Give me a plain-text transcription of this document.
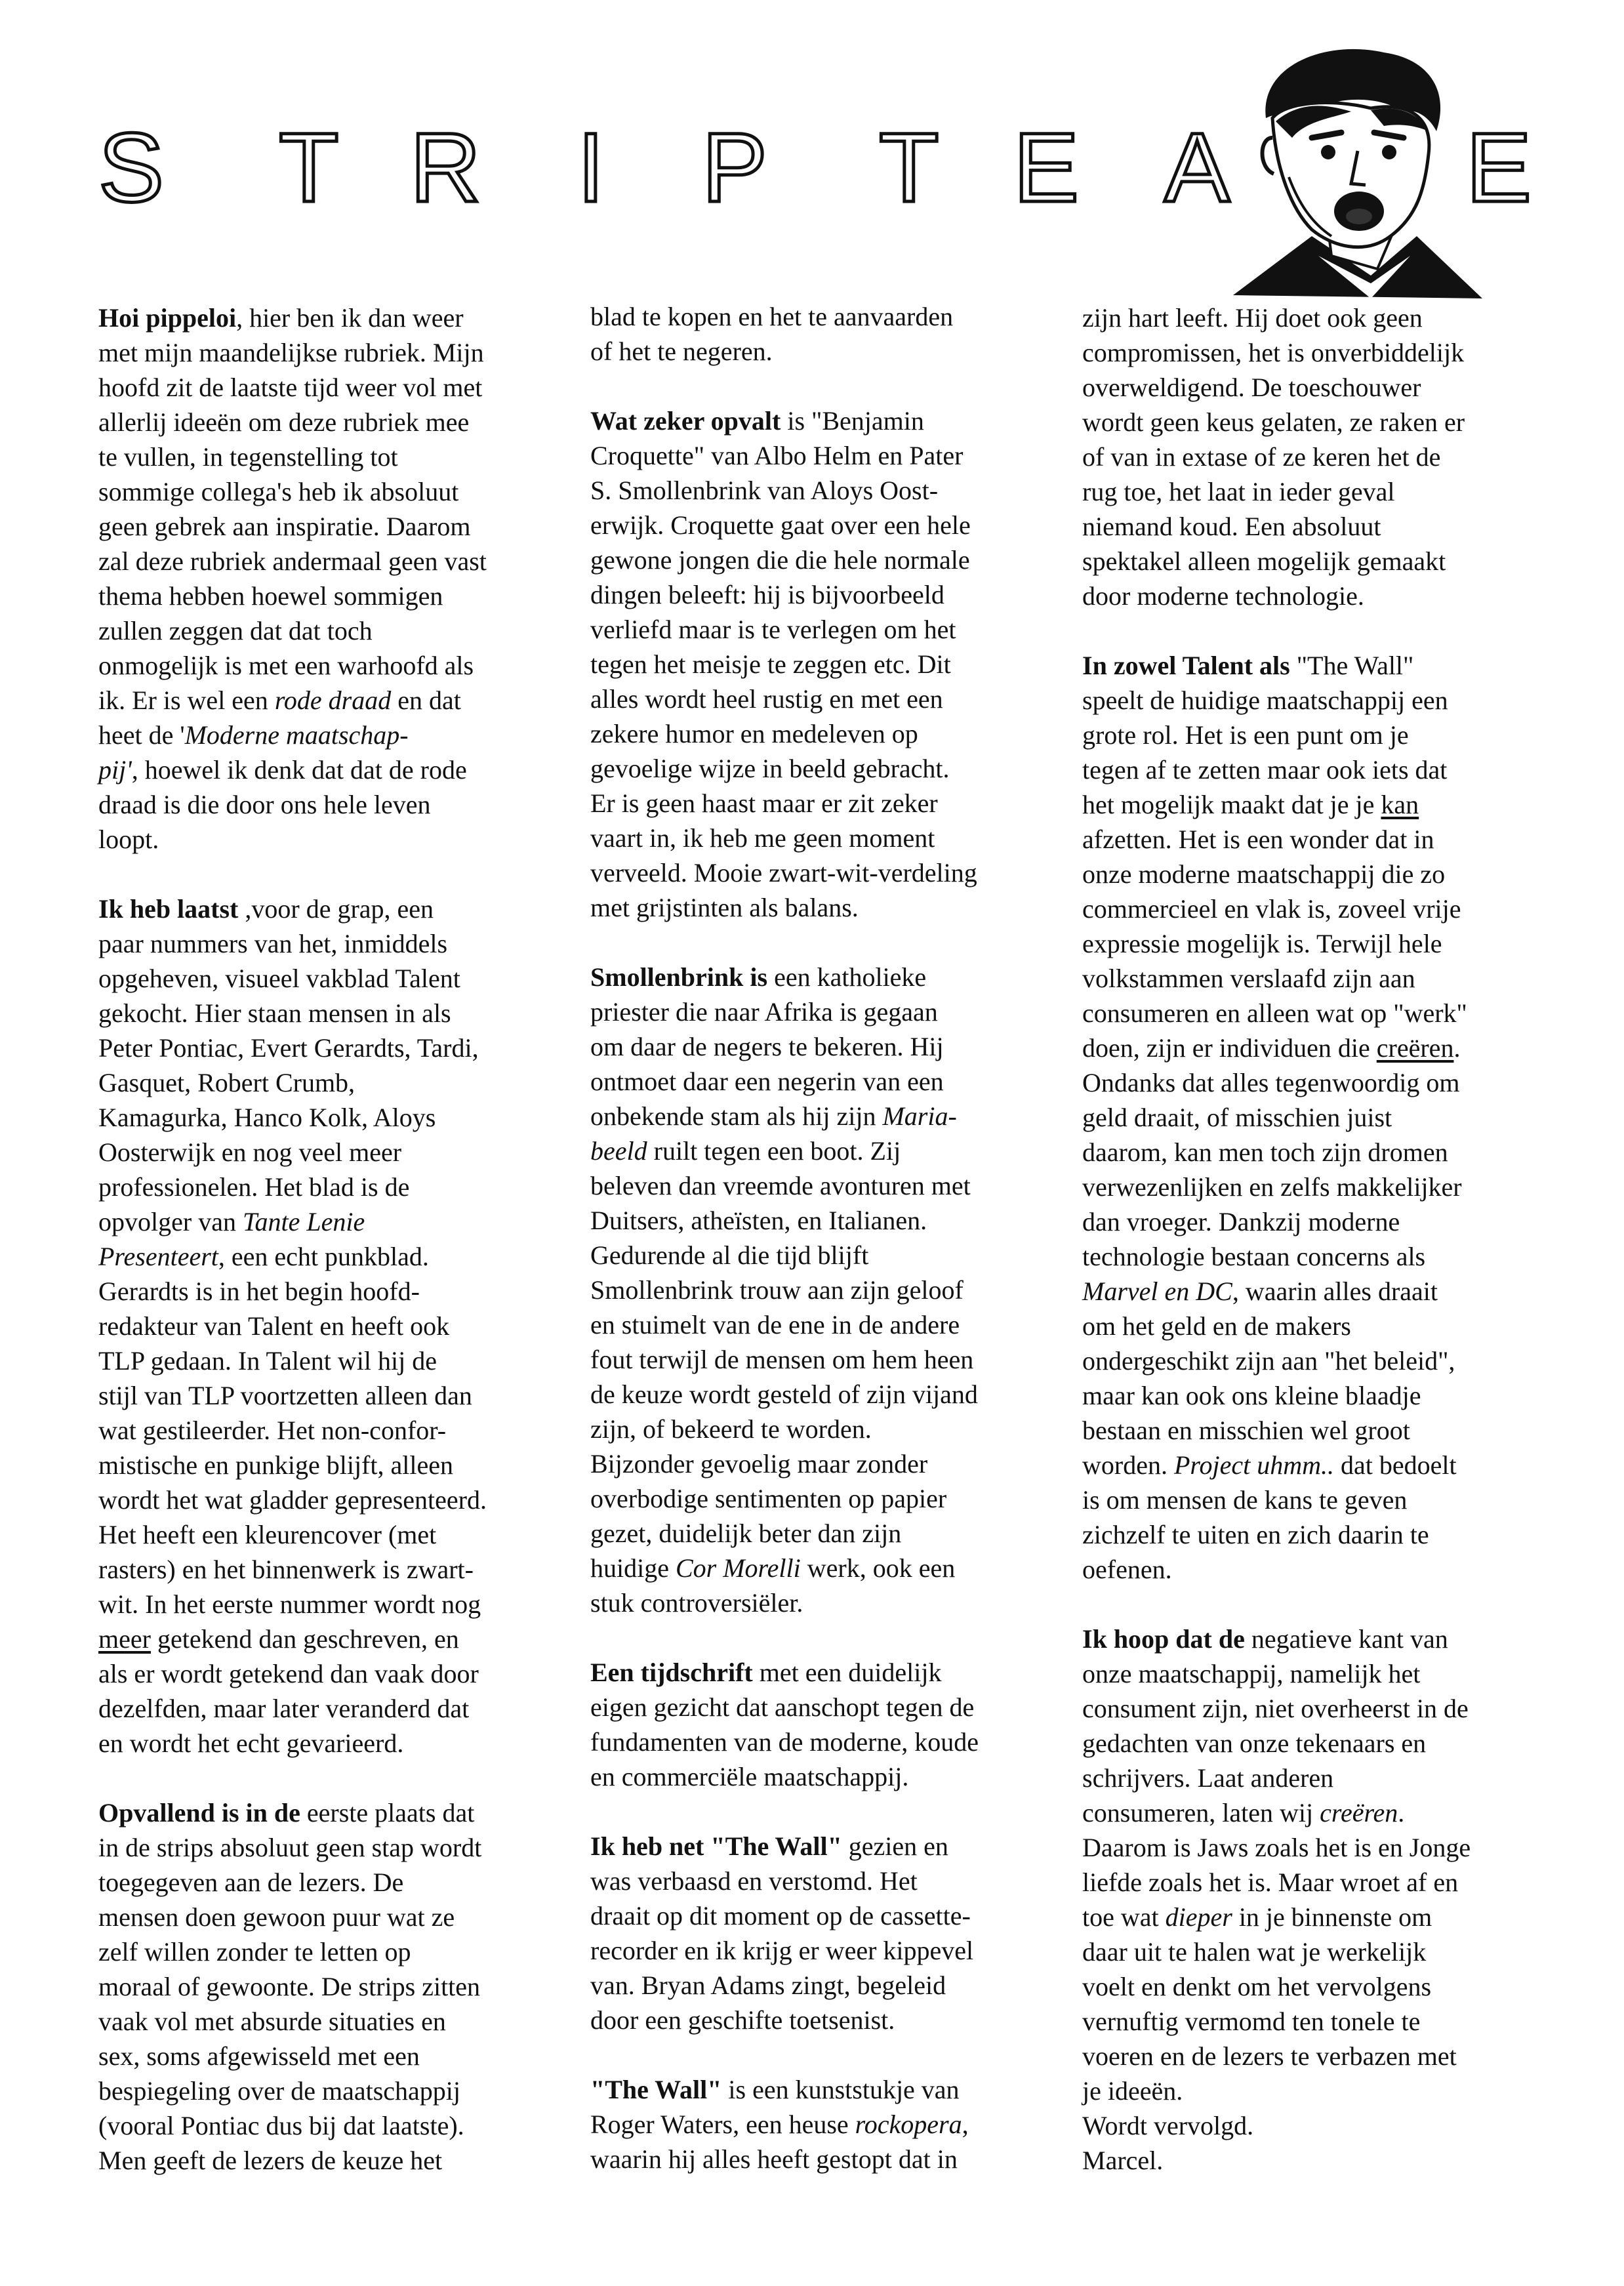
S T R I P T E A E

Hoi pippeloi, hier ben ik dan weer
met mijn maandelijkse rubriek. Mijn
hoofd zit de laatste tijd weer vol met
allerlij ideeën om deze rubriek mee
te vullen, in tegenstelling tot
sommige collega's heb ik absoluut
geen gebrek aan inspiratie. Daarom
zal deze rubriek andermaal geen vast
thema hebben hoewel sommigen
zullen zeggen dat dat toch
onmogelijk is met een warhoofd als
ik. Er is wel een rode draad en dat
heet de 'Moderne maatschap-
pij', hoewel ik denk dat dat de rode
draad is die door ons hele leven
loopt.

Ik heb laatst ,voor de grap, een
paar nummers van het, inmiddels
opgeheven, visueel vakblad Talent
gekocht. Hier staan mensen in als
Peter Pontiac, Evert Gerardts, Tardi,
Gasquet, Robert Crumb,
Kamagurka, Hanco Kolk, Aloys
Oosterwijk en nog veel meer
professionelen. Het blad is de
opvolger van Tante Lenie
Presenteert, een echt punkblad.
Gerardts is in het begin hoofd-
redakteur van Talent en heeft ook
TLP gedaan. In Talent wil hij de
stijl van TLP voortzetten alleen dan
wat gestileerder. Het non-confor-
mistische en punkige blijft, alleen
wordt het wat gladder gepresenteerd.
Het heeft een kleurencover (met
rasters) en het binnenwerk is zwart-
wit. In het eerste nummer wordt nog
meer getekend dan geschreven, en
als er wordt getekend dan vaak door
dezelfden, maar later veranderd dat
en wordt het echt gevarieerd.

Opvallend is in de eerste plaats dat
in de strips absoluut geen stap wordt
toegegeven aan de lezers. De
mensen doen gewoon puur wat ze
zelf willen zonder te letten op
moraal of gewoonte. De strips zitten
vaak vol met absurde situaties en
sex, soms afgewisseld met een
bespiegeling over de maatschappij
(vooral Pontiac dus bij dat laatste).
Men geeft de lezers de keuze het

blad te kopen en het te aanvaarden
of het te negeren.

Wat zeker opvalt is "Benjamin
Croquette" van Albo Helm en Pater
S. Smollenbrink van Aloys Oost-
erwijk. Croquette gaat over een hele
gewone jongen die die hele normale
dingen beleeft: hij is bijvoorbeeld
verliefd maar is te verlegen om het
tegen het meisje te zeggen etc. Dit
alles wordt heel rustig en met een
zekere humor en medeleven op
gevoelige wijze in beeld gebracht.
Er is geen haast maar er zit zeker
vaart in, ik heb me geen moment
verveeld. Mooie zwart-wit-verdeling
met grijstinten als balans.

Smollenbrink is een katholieke
priester die naar Afrika is gegaan
om daar de negers te bekeren. Hij
ontmoet daar een negerin van een
onbekende stam als hij zijn Maria-
beeld ruilt tegen een boot. Zij
beleven dan vreemde avonturen met
Duitsers, atheïsten, en Italianen.
Gedurende al die tijd blijft
Smollenbrink trouw aan zijn geloof
en stuimelt van de ene in de andere
fout terwijl de mensen om hem heen
de keuze wordt gesteld of zijn vijand
zijn, of bekeerd te worden.
Bijzonder gevoelig maar zonder
overbodige sentimenten op papier
gezet, duidelijk beter dan zijn
huidige Cor Morelli werk, ook een
stuk controversiëler.

Een tijdschrift met een duidelijk
eigen gezicht dat aanschopt tegen de
fundamenten van de moderne, koude
en commerciële maatschappij.

Ik heb net "The Wall" gezien en
was verbaasd en verstomd. Het
draait op dit moment op de cassette-
recorder en ik krijg er weer kippevel
van. Bryan Adams zingt, begeleid
door een geschifte toetsenist.

"The Wall" is een kunststukje van
Roger Waters, een heuse rockopera,
waarin hij alles heeft gestopt dat in

zijn hart leeft. Hij doet ook geen
compromissen, het is onverbiddelijk
overweldigend. De toeschouwer
wordt geen keus gelaten, ze raken er
of van in extase of ze keren het de
rug toe, het laat in ieder geval
niemand koud. Een absoluut
spektakel alleen mogelijk gemaakt
door moderne technologie.

In zowel Talent als "The Wall"
speelt de huidige maatschappij een
grote rol. Het is een punt om je
tegen af te zetten maar ook iets dat
het mogelijk maakt dat je je kan
afzetten. Het is een wonder dat in
onze moderne maatschappij die zo
commercieel en vlak is, zoveel vrije
expressie mogelijk is. Terwijl hele
volkstammen verslaafd zijn aan
consumeren en alleen wat op "werk"
doen, zijn er individuen die creëren.
Ondanks dat alles tegenwoordig om
geld draait, of misschien juist
daarom, kan men toch zijn dromen
verwezenlijken en zelfs makkelijker
dan vroeger. Dankzij moderne
technologie bestaan concerns als
Marvel en DC, waarin alles draait
om het geld en de makers
ondergeschikt zijn aan "het beleid",
maar kan ook ons kleine blaadje
bestaan en misschien wel groot
worden. Project uhmm.. dat bedoelt
is om mensen de kans te geven
zichzelf te uiten en zich daarin te
oefenen.

Ik hoop dat de negatieve kant van
onze maatschappij, namelijk het
consument zijn, niet overheerst in de
gedachten van onze tekenaars en
schrijvers. Laat anderen
consumeren, laten wij creëren.
Daarom is Jaws zoals het is en Jonge
liefde zoals het is. Maar wroet af en
toe wat dieper in je binnenste om
daar uit te halen wat je werkelijk
voelt en denkt om het vervolgens
vernuftig vermomd ten tonele te
voeren en de lezers te verbazen met
je ideeën.
Wordt vervolgd.
Marcel.
